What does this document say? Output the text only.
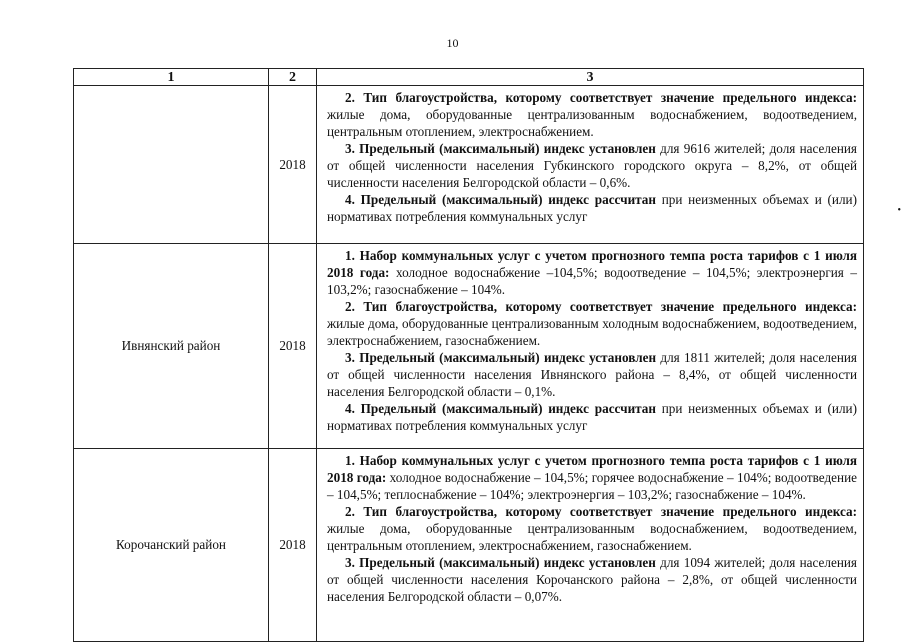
10
1	2	3
	2018	2. Тип благоустройства, которому соответствует значение предельного индекса: жилые дома, оборудованные централизованным водоснабжением, водоотведением, центральным отоплением, электроснабжением.

3. Предельный (максимальный) индекс установлен для 9616 жителей; доля населения от общей численности населения Губкинского городского округа – 8,2%, от общей численности населения Белгородской области – 0,6%.

4. Предельный (максимальный) индекс рассчитан при неизменных объемах и (или) нормативах потребления коммунальных услуг

Ивнянский район	2018	1. Набор коммунальных услуг с учетом прогнозного темпа роста тарифов с 1 июля 2018 года: холодное водоснабжение –104,5%; водоотведение – 104,5%; электроэнергия – 103,2%; газоснабжение – 104%.

2. Тип благоустройства, которому соответствует значение предельного индекса: жилые дома, оборудованные централизованным холодным водоснабжением, водоотведением, электроснабжением, газоснабжением.

3. Предельный (максимальный) индекс установлен для 1811 жителей; доля населения от общей численности населения Ивнянского района – 8,4%, от общей численности населения Белгородской области – 0,1%.

4. Предельный (максимальный) индекс рассчитан при неизменных объемах и (или) нормативах потребления коммунальных услуг

Корочанский район	2018	1. Набор коммунальных услуг с учетом прогнозного темпа роста тарифов с 1 июля 2018 года: холодное водоснабжение – 104,5%; горячее водоснабжение – 104%; водоотведение – 104,5%; теплоснабжение – 104%; электроэнергия – 103,2%; газоснабжение – 104%.

2. Тип благоустройства, которому соответствует значение предельного индекса: жилые дома, оборудованные централизованным водоснабжением, водоотведением, центральным отоплением, электроснабжением, газоснабжением.

3. Предельный (максимальный) индекс установлен для 1094 жителей; доля населения от общей численности населения Корочанского района – 2,8%, от общей численности населения Белгородской области – 0,07%.

•
